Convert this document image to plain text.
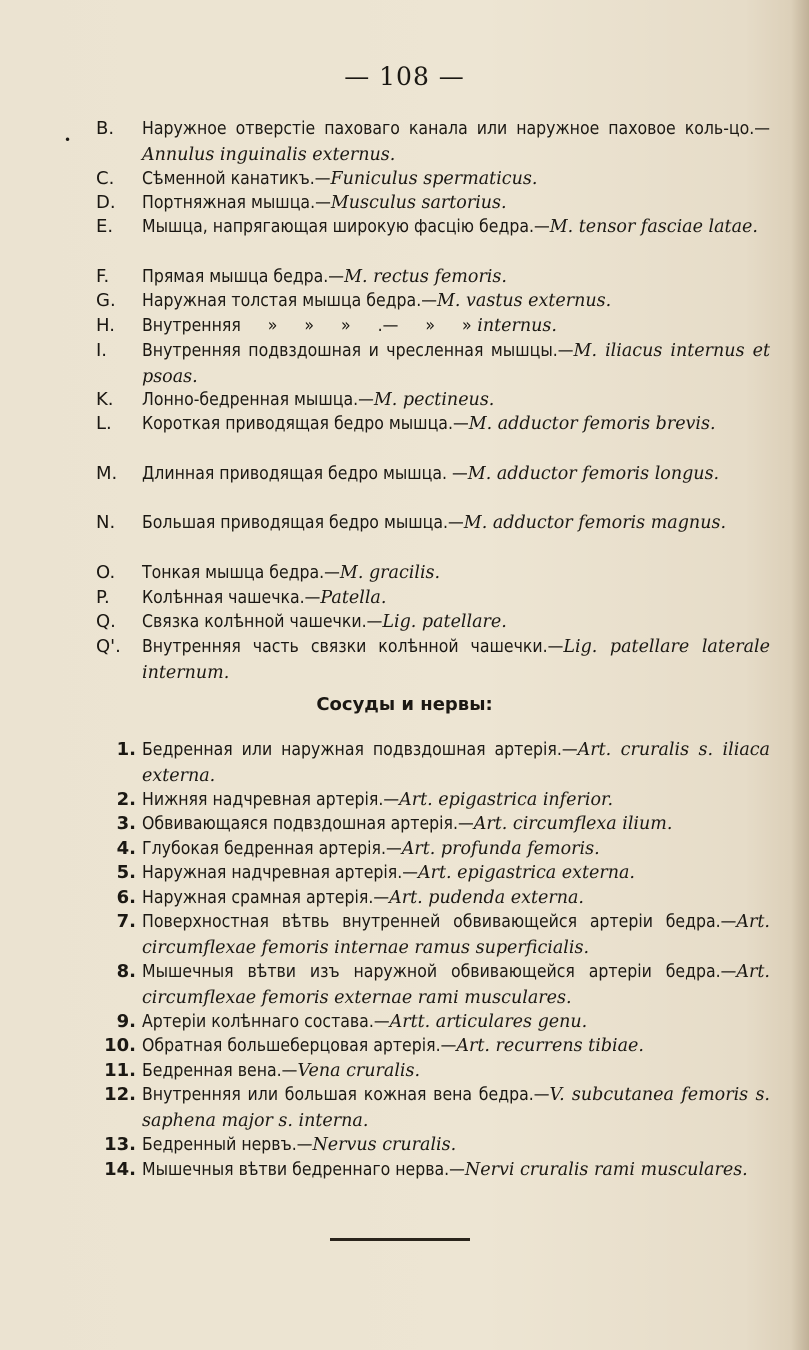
— 108 —
•
B.	Наружное отверстіе паховаго канала или наружное паховое коль-цо.—Annulus inguinalis externus.
C.	Сѣменной канатикъ.—Funiculus spermaticus.
D.	Портняжная мышца.—Musculus sartorius.
E.	Мышца, напрягающая широкую фасцію бедра.—M. tensor fasciae latae.
F.	Прямая мышца бедра.—M. rectus femoris.
G.	Наружная толстая мышца бедра.—M. vastus externus.
H.	Внутренняя » » » .— » » internus.
I.	Внутренняя подвздошная и чресленная мышцы.—M. iliacus internus et psoas.
K.	Лонно-бедренная мышца.—M. pectineus.
L.	Короткая приводящая бедро мышца.—M. adductor femoris brevis.
M.	Длинная приводящая бедро мышца. —M. adductor femoris longus.
N.	Большая приводящая бедро мышца.—M. adductor femoris magnus.
O.	Тонкая мышца бедра.—M. gracilis.
P.	Колѣнная чашечка.—Patella.
Q.	Связка колѣнной чашечки.—Lig. patellare.
Q'.	Внутренняя часть связки колѣнной чашечки.—Lig. patellare laterale internum.
Сосуды и нервы:
1. Бедренная или наружная подвздошная артерія.—Art. cruralis s. iliaca externa.
2. Нижняя надчревная артерія.—Art. epigastrica inferior.
3. Обвивающаяся подвздошная артерія.—Art. circumflexa ilium.
4. Глубокая бедренная артерія.—Art. profunda femoris.
5. Наружная надчревная артерія.—Art. epigastrica externa.
6. Наружная срамная артерія.—Art. pudenda externa.
7. Поверхностная вѣтвь внутренней обвивающейся артеріи бедра.—Art. circumflexae femoris internae ramus superficialis.
8. Мышечныя вѣтви изъ наружной обвивающейся артеріи бедра.—Art. circumflexae femoris externae rami musculares.
9. Артеріи колѣннаго состава.—Artt. articulares genu.
10. Обратная большеберцовая артерія.—Art. recurrens tibiae.
11. Бедренная вена.—Vena cruralis.
12. Внутренняя или большая кожная вена бедра.—V. subcutanea femoris s. saphena major s. interna.
13. Бедренный нервъ.—Nervus cruralis.
14. Мышечныя вѣтви бедреннаго нерва.—Nervi cruralis rami musculares.
